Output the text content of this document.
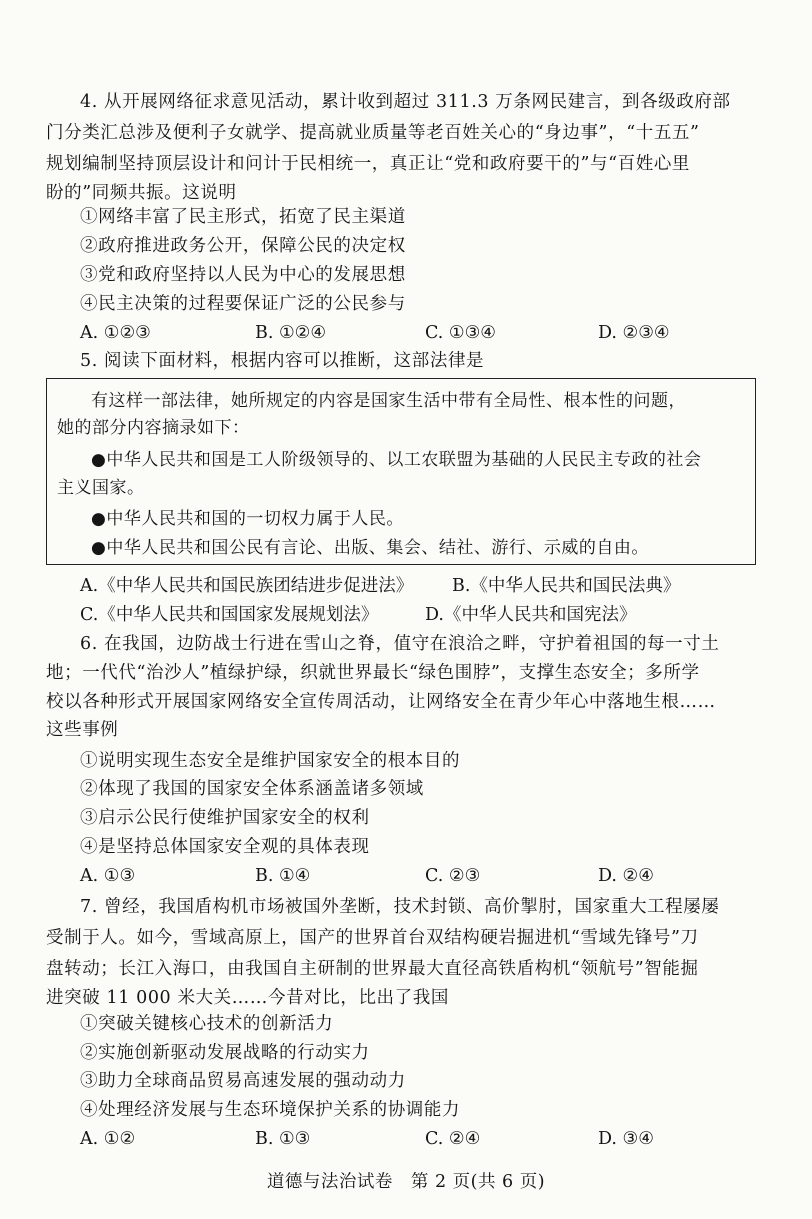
4. 从开展网络征求意见活动，累计收到超过 311.3 万条网民建言，到各级政府部
门分类汇总涉及便利子女就学、提高就业质量等老百姓关心的“身边事”，“十五五”
规划编制坚持顶层设计和问计于民相统一，真正让“党和政府要干的”与“百姓心里
盼的”同频共振。这说明
①网络丰富了民主形式，拓宽了民主渠道
②政府推进政务公开，保障公民的决定权
③党和政府坚持以人民为中心的发展思想
④民主决策的过程要保证广泛的公民参与
A. ①②③	B. ①②④	C. ①③④	D. ②③④
5. 阅读下面材料，根据内容可以推断，这部法律是
有这样一部法律，她所规定的内容是国家生活中带有全局性、根本性的问题，
她的部分内容摘录如下：
●中华人民共和国是工人阶级领导的、以工农联盟为基础的人民民主专政的社会
主义国家。
●中华人民共和国的一切权力属于人民。
●中华人民共和国公民有言论、出版、集会、结社、游行、示威的自由。
A.《中华人民共和国民族团结进步促进法》 B.《中华人民共和国民法典》
C.《中华人民共和国国家发展规划法》	D.《中华人民共和国宪法》
6. 在我国，边防战士行进在雪山之脊，值守在浪洽之畔，守护着祖国的每一寸土
地；一代代“治沙人”植绿护绿，织就世界最长“绿色围脖”，支撑生态安全；多所学
校以各种形式开展国家网络安全宣传周活动，让网络安全在青少年心中落地生根……
这些事例
①说明实现生态安全是维护国家安全的根本目的
②体现了我国的国家安全体系涵盖诸多领域
③启示公民行使维护国家安全的权利
④是坚持总体国家安全观的具体表现
A. ①③	B. ①④	C. ②③	D. ②④
7. 曾经，我国盾构机市场被国外垄断，技术封锁、高价掣肘，国家重大工程屡屡
受制于人。如今，雪域高原上，国产的世界首台双结构硬岩掘进机“雪域先锋号”刀
盘转动；长江入海口，由我国自主研制的世界最大直径高铁盾构机“领航号”智能掘
进突破 11 000 米大关……今昔对比，比出了我国
①突破关键核心技术的创新活力
②实施创新驱动发展战略的行动实力
③助力全球商品贸易高速发展的强动动力
④处理经济发展与生态环境保护关系的协调能力
A. ①②	B. ①③	C. ②④	D. ③④
道德与法治试卷　第 2 页(共 6 页)
